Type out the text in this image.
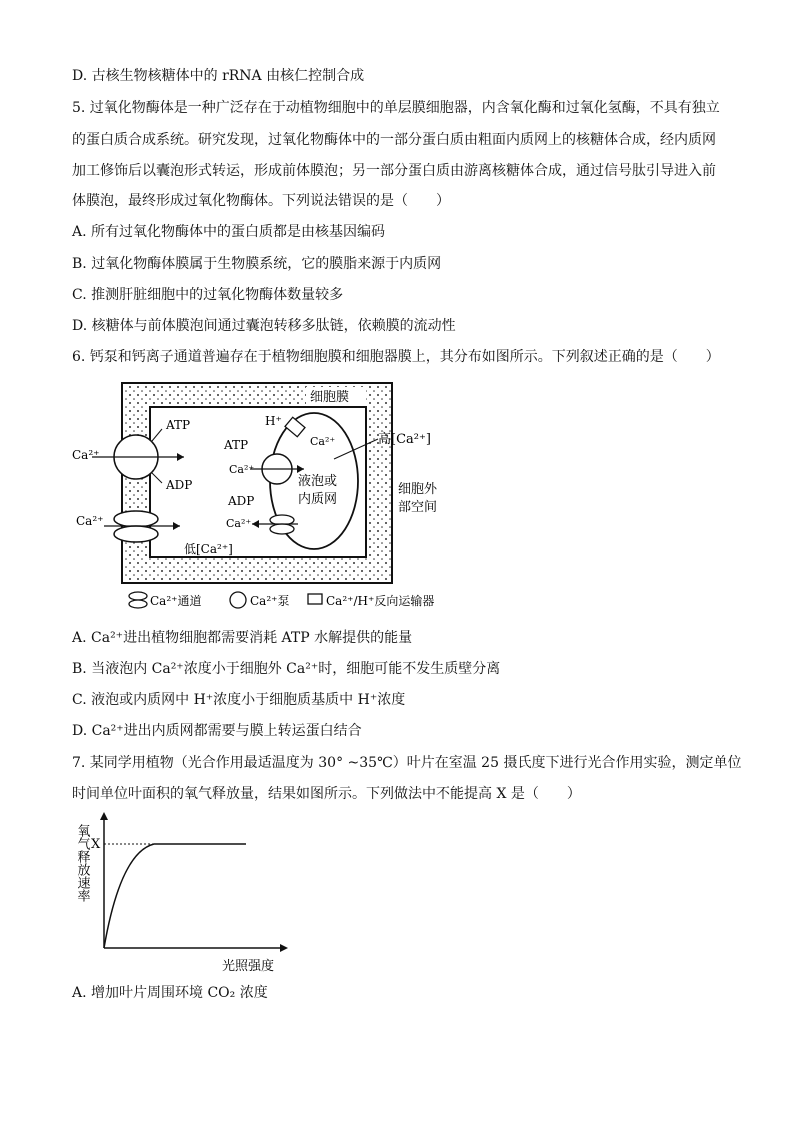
D. 古核生物核糖体中的 rRNA 由核仁控制合成
5. 过氧化物酶体是一种广泛存在于动植物细胞中的单层膜细胞器，内含氧化酶和过氧化氢酶，不具有独立
的蛋白质合成系统。研究发现，过氧化物酶体中的一部分蛋白质由粗面内质网上的核糖体合成，经内质网
加工修饰后以囊泡形式转运，形成前体膜泡；另一部分蛋白质由游离核糖体合成，通过信号肽引导进入前
体膜泡，最终形成过氧化物酶体。下列说法错误的是（　　）
A. 所有过氧化物酶体中的蛋白质都是由核基因编码
B. 过氧化物酶体膜属于生物膜系统，它的膜脂来源于内质网
C. 推测肝脏细胞中的过氧化物酶体数量较多
D. 核糖体与前体膜泡间通过囊泡转移多肽链，依赖膜的流动性
6. 钙泵和钙离子通道普遍存在于植物细胞膜和细胞器膜上，其分布如图所示。下列叙述正确的是（　　）
细胞膜
Ca²⁺
ATP
ADP
Ca²⁺
低[Ca²⁺]
液泡或
内质网
ATP
Ca²⁺
ADP
Ca²⁺
H⁺
Ca²⁺	高[Ca²⁺]
细胞外
部空间
Ca²⁺通道	Ca²⁺泵	Ca²⁺/H⁺反向运输器
A. Ca²⁺进出植物细胞都需要消耗 ATP 水解提供的能量
B. 当液泡内 Ca²⁺浓度小于细胞外 Ca²⁺时，细胞可能不发生质壁分离
C. 液泡或内质网中 H⁺浓度小于细胞质基质中 H⁺浓度
D. Ca²⁺进出内质网都需要与膜上转运蛋白结合
7. 某同学用植物（光合作用最适温度为 30° ~35℃）叶片在室温 25 摄氏度下进行光合作用实验，测定单位
时间单位叶面积的氧气释放量，结果如图所示。下列做法中不能提高 X 是（　　）
X
氧气释放速率
光照强度
A. 增加叶片周围环境 CO₂ 浓度
